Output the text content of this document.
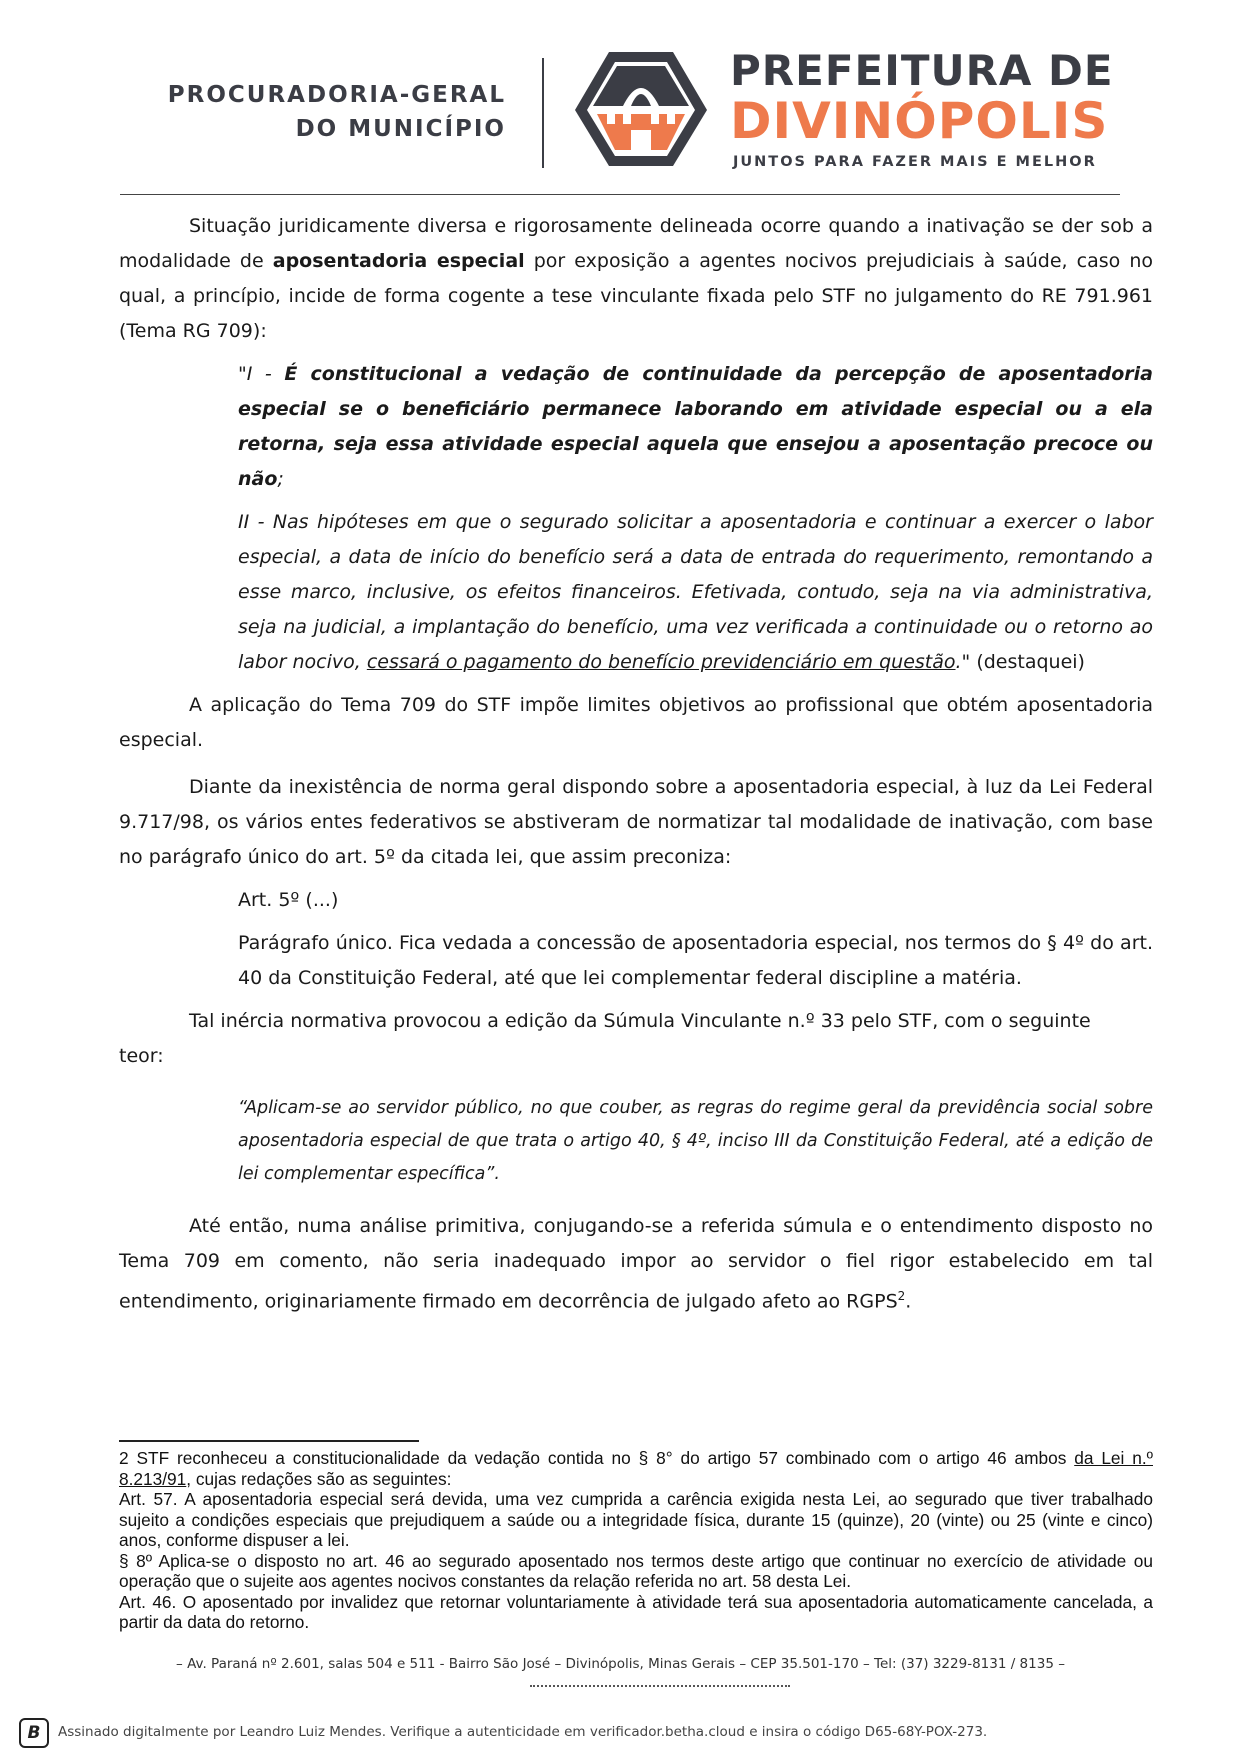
PROCURADORIA-GERAL
DO MUNICÍPIO
PREFEITURA DE
DIVINÓPOLIS
JUNTOS PARA FAZER MAIS E MELHOR

Situação juridicamente diversa e rigorosamente delineada ocorre quando a inativação se der sob a modalidade de aposentadoria especial por exposição a agentes nocivos prejudiciais à saúde, caso no qual, a princípio, incide de forma cogente a tese vinculante fixada pelo STF no julgamento do RE 791.961 (Tema RG 709):

"I - É constitucional a vedação de continuidade da percepção de aposentadoria especial se o beneficiário permanece laborando em atividade especial ou a ela retorna, seja essa atividade especial aquela que ensejou a aposentação precoce ou não;

II - Nas hipóteses em que o segurado solicitar a aposentadoria e continuar a exercer o labor especial, a data de início do benefício será a data de entrada do requerimento, remontando a esse marco, inclusive, os efeitos financeiros. Efetivada, contudo, seja na via administrativa, seja na judicial, a implantação do benefício, uma vez verificada a continuidade ou o retorno ao labor nocivo, cessará o pagamento do benefício previdenciário em questão." (destaquei)

A aplicação do Tema 709 do STF impõe limites objetivos ao profissional que obtém aposentadoria especial.

Diante da inexistência de norma geral dispondo sobre a aposentadoria especial, à luz da Lei Federal 9.717/98, os vários entes federativos se abstiveram de normatizar tal modalidade de inativação, com base no parágrafo único do art. 5º da citada lei, que assim preconiza:

Art. 5º (...)

Parágrafo único. Fica vedada a concessão de aposentadoria especial, nos termos do § 4º do art. 40 da Constituição Federal, até que lei complementar federal discipline a matéria.

Tal inércia normativa provocou a edição da Súmula Vinculante n.º 33 pelo STF, com o seguinte

teor:

“Aplicam-se ao servidor público, no que couber, as regras do regime geral da previdência social sobre aposentadoria especial de que trata o artigo 40, § 4º, inciso III da Constituição Federal, até a edição de lei complementar específica”.

Até então, numa análise primitiva, conjugando-se a referida súmula e o entendimento disposto no Tema 709 em comento, não seria inadequado impor ao servidor o fiel rigor estabelecido em tal entendimento, originariamente firmado em decorrência de julgado afeto ao RGPS$^2$.

2 STF reconheceu a constitucionalidade da vedação contida no § 8° do artigo 57 combinado com o artigo 46 ambos da Lei n.º 8.213/91, cujas redações são as seguintes:

Art. 57. A aposentadoria especial será devida, uma vez cumprida a carência exigida nesta Lei, ao segurado que tiver trabalhado sujeito a condições especiais que prejudiquem a saúde ou a integridade física, durante 15 (quinze), 20 (vinte) ou 25 (vinte e cinco) anos, conforme dispuser a lei.

§ 8º Aplica-se o disposto no art. 46 ao segurado aposentado nos termos deste artigo que continuar no exercício de atividade ou operação que o sujeite aos agentes nocivos constantes da relação referida no art. 58 desta Lei.

Art. 46. O aposentado por invalidez que retornar voluntariamente à atividade terá sua aposentadoria automaticamente cancelada, a partir da data do retorno.

– Av. Paraná nº 2.601, salas 504 e 511 - Bairro São José – Divinópolis, Minas Gerais – CEP 35.501-170 – Tel: (37) 3229-8131 / 8135 –
B	Assinado digitalmente por Leandro Luiz Mendes. Verifique a autenticidade em verificador.betha.cloud e insira o código D65-68Y-POX-273.
